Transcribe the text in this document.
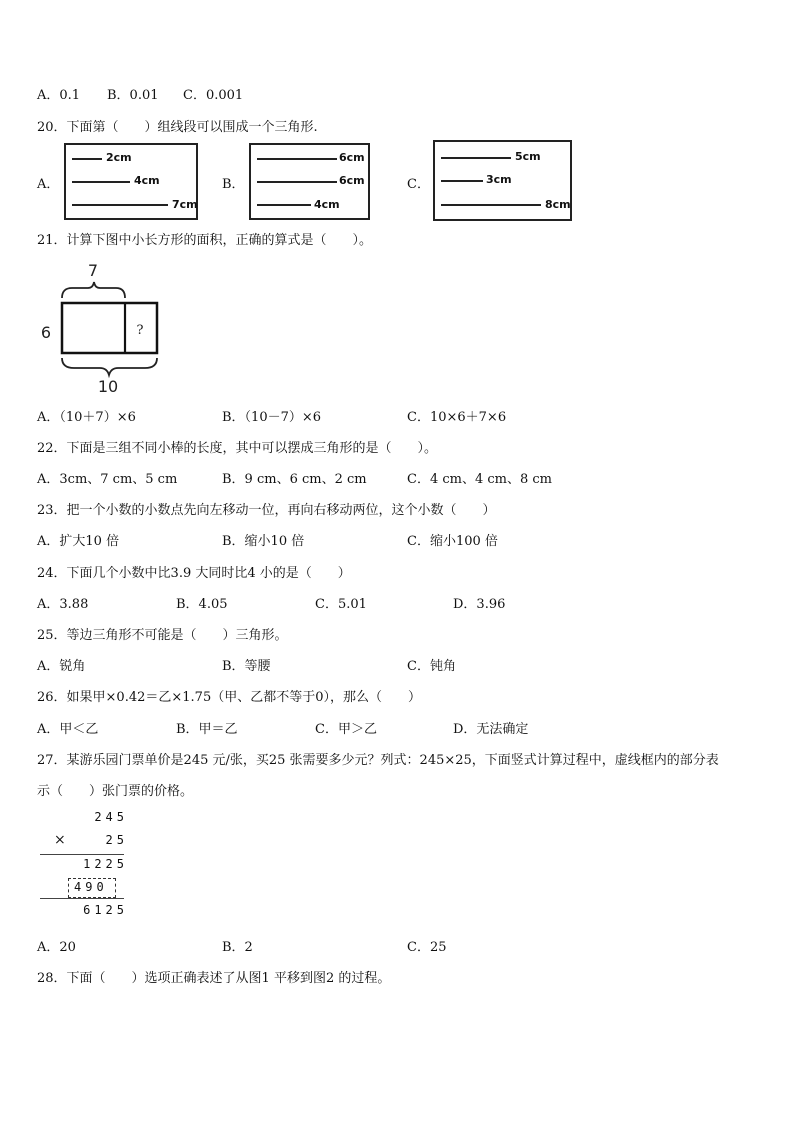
A．0.1 B．0.01 C．0.001
20．下面第（　　）组线段可以围成一个三角形.
A．	B．	C．
2cm
4cm
7cm
6cm
6cm
4cm
5cm
3cm
8cm
21．计算下图中小长方形的面积，正确的算式是（　　）。
7
?
6
10
A．（10＋7）×6	B．（10－7）×6	C．10×6＋7×6
22．下面是三组不同小棒的长度，其中可以摆成三角形的是（　　）。
A．3cm、7 cm、5 cm	B．9 cm、6 cm、2 cm	C．4 cm、4 cm、8 cm
23．把一个小数的小数点先向左移动一位，再向右移动两位，这个小数（　　）
A．扩大10 倍	B．缩小10 倍	C．缩小100 倍
24．下面几个小数中比3.9 大同时比4 小的是（　　）
A．3.88	B．4.05	C．5.01	D．3.96
25．等边三角形不可能是（　　）三角形。
A．锐角	B．等腰	C．钝角
26．如果甲×0.42＝乙×1.75（甲、乙都不等于0），那么（　　）
A．甲＜乙	B．甲＝乙	C．甲＞乙	D．无法确定
27．某游乐园门票单价是245 元/张，买25 张需要多少元？列式：245×25，下面竖式计算过程中，虚线框内的部分表
示（　　）张门票的价格。
245
×	25
1225
490
6125
A．20	B．2	C．25
28．下面（　　）选项正确表述了从图1 平移到图2 的过程。
